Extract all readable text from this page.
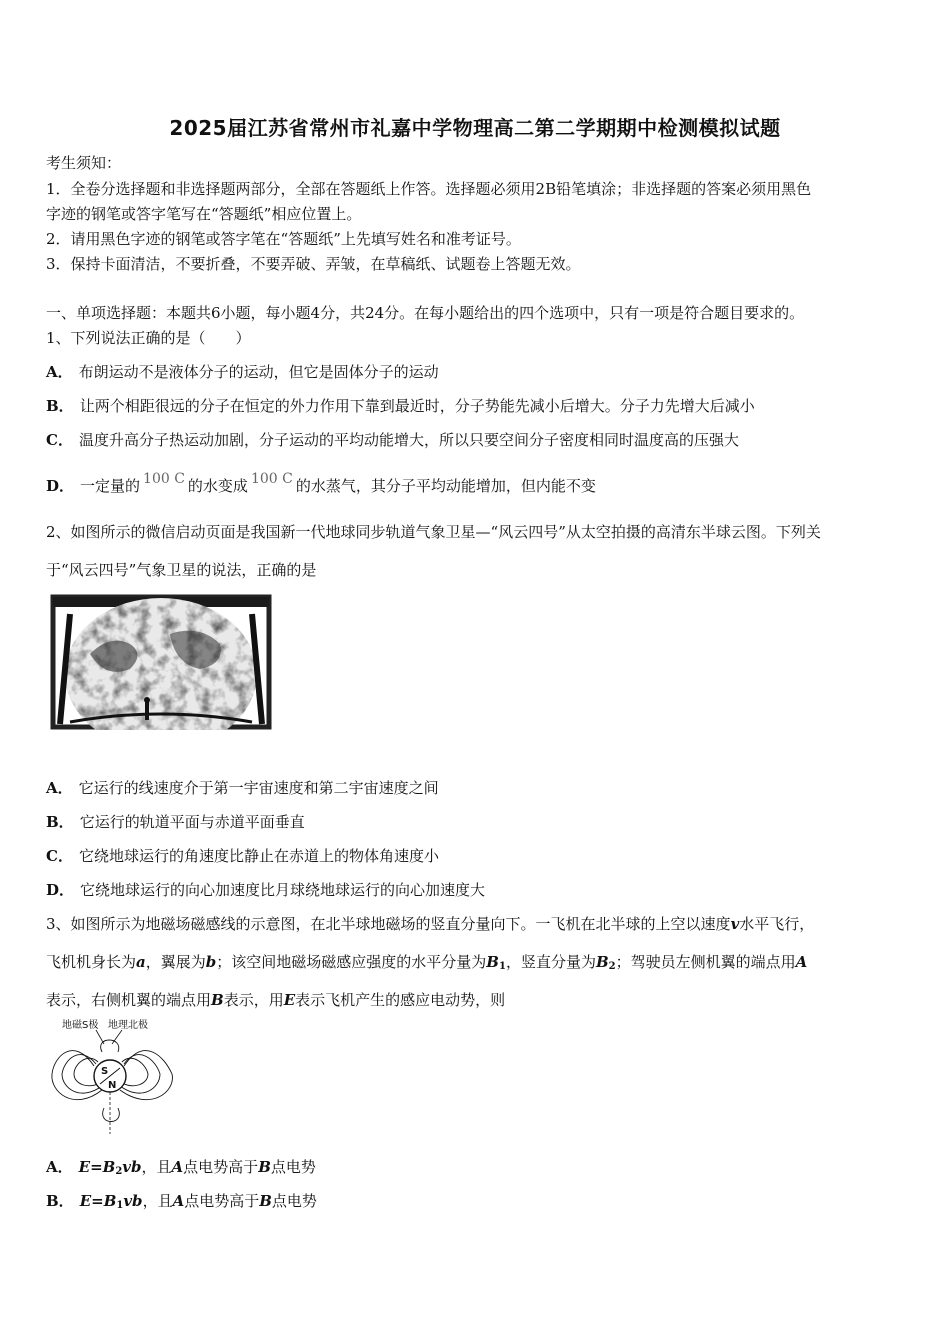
2025届江苏省常州市礼嘉中学物理高二第二学期期中检测模拟试题
考生须知：
1．全卷分选择题和非选择题两部分，全部在答题纸上作答。选择题必须用2B铅笔填涂；非选择题的答案必须用黑色
字迹的钢笔或答字笔写在“答题纸”相应位置上。
2．请用黑色字迹的钢笔或答字笔在“答题纸”上先填写姓名和准考证号。
3．保持卡面清洁，不要折叠，不要弄破、弄皱，在草稿纸、试题卷上答题无效。
一、单项选择题：本题共6小题，每小题4分，共24分。在每小题给出的四个选项中，只有一项是符合题目要求的。
1、下列说法正确的是（　　）
A． 布朗运动不是液体分子的运动，但它是固体分子的运动
B． 让两个相距很远的分子在恒定的外力作用下靠到最近时，分子势能先减小后增大。分子力先增大后减小
C． 温度升高分子热运动加剧，分子运动的平均动能增大，所以只要空间分子密度相同时温度高的压强大
D． 一定量的 100 C 的水变成 100 C 的水蒸气，其分子平均动能增加，但内能不变
2、如图所示的微信启动页面是我国新一代地球同步轨道气象卫星—“风云四号”从太空拍摄的高清东半球云图。下列关
于“风云四号”气象卫星的说法，正确的是
A． 它运行的线速度介于第一宇宙速度和第二宇宙速度之间
B． 它运行的轨道平面与赤道平面垂直
C． 它绕地球运行的角速度比静止在赤道上的物体角速度小
D． 它绕地球运行的向心加速度比月球绕地球运行的向心加速度大
3、如图所示为地磁场磁感线的示意图，在北半球地磁场的竖直分量向下。一飞机在北半球的上空以速度v水平飞行，
飞机机身长为a，翼展为b；该空间地磁场磁感应强度的水平分量为$B_1$，竖直分量为$B_2$；驾驶员左侧机翼的端点用A
表示，右侧机翼的端点用B表示，用E表示飞机产生的感应电动势，则
地磁S极 地理北极
S
N
A． $E=B_2vb$，且A点电势高于B点电势
B． $E=B_1vb$，且A点电势高于B点电势
